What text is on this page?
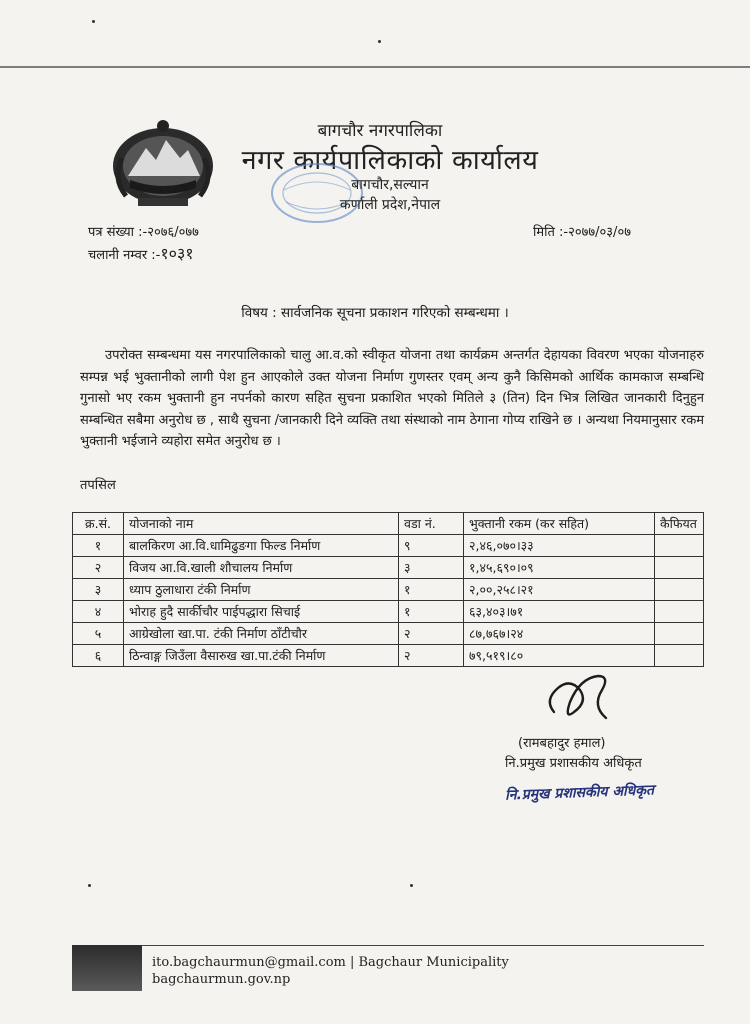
बागचौर नगरपालिका
नगर कार्यपालिकाको कार्यालय
बागचौर,सल्यान
कर्णाली प्रदेश,नेपाल
पत्र संख्या :-२०७६/०७७
चलानी नम्वर :-१०३१
मिति :-२०७७/०३/०७
विषय : सार्वजनिक सूचना प्रकाशन गरिएको सम्बन्धमा ।
उपरोक्त सम्बन्धमा यस नगरपालिकाको चालु आ.व.को स्वीकृत योजना तथा कार्यक्रम अन्तर्गत देहायका विवरण भएका योजनाहरु सम्पन्न भई भुक्तानीको लागी पेश हुन आएकोले उक्त योजना निर्माण गुणस्तर एवम् अन्य कुनै किसिमको आर्थिक कामकाज सम्बन्धि गुनासो भए रकम भुक्तानी हुन नपर्नको कारण सहित सुचना प्रकाशित भएको मितिले ३ (तिन) दिन भित्र लिखित जानकारी दिनुहुन सम्बन्धित सबैमा अनुरोध छ , साथै सुचना /जानकारी दिने व्यक्ति तथा संस्थाको नाम ठेगाना गोप्य राखिने छ । अन्यथा नियमानुसार रकम भुक्तानी भईजाने व्यहोरा समेत अनुरोध छ ।
तपसिल
क्र.सं.	योजनाको नाम	वडा नं.	भुक्तानी रकम (कर सहित)	कैफियत
१	बालकिरण आ.वि.धामिढुङगा फिल्ड निर्माण	९	२,४६,०७०।३३	
२	विजय आ.वि.खाली शौचालय निर्माण	३	१,४५,६९०।०९	
३	ध्याप ठुलाधारा टंकी निर्माण	१	२,००,२५८।२१	
४	भोराह हुदै सार्कीचौर पाईपद्धारा सिचाई	१	६३,४०३।७१	
५	आग्रेखोला खा.पा. टंकी निर्माण ठाँटीचौर	२	८७,७६७।२४	
६	ठिन्वाङ्ग जिउँला वैसारुख खा.पा.टंकी निर्माण	२	७९,५१९।८०	
(रामबहादुर हमाल)
नि.प्रमुख प्रशासकीय अधिकृत
नि.प्रमुख प्रशासकीय अधिकृत
ito.bagchaurmun@gmail.com | Bagchaur Municipality
bagchaurmun.gov.np
